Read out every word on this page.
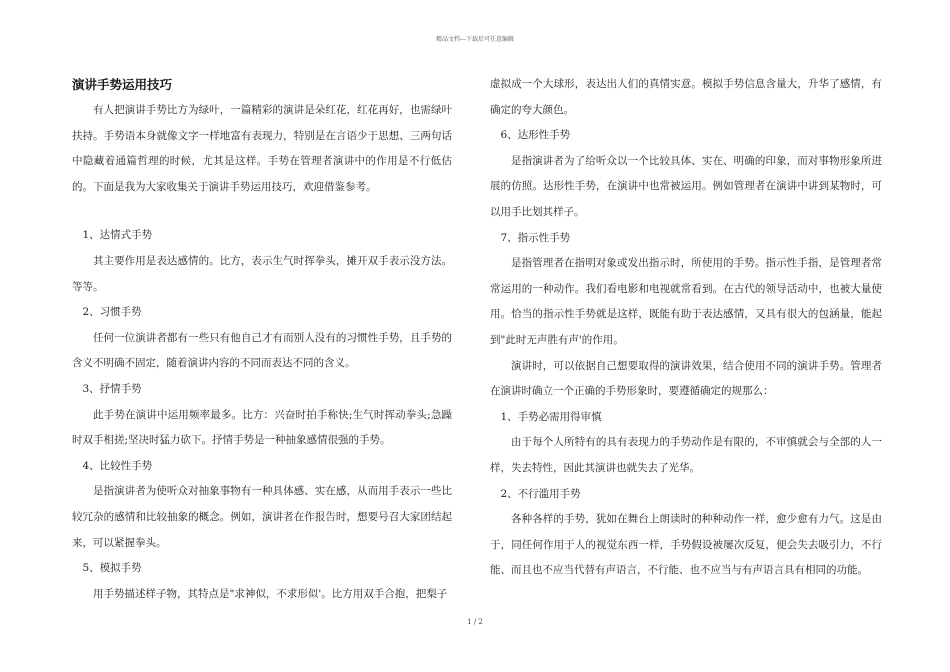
精品文档---下载后可任意编辑
演讲手势运用技巧

有人把演讲手势比方为绿叶，一篇精彩的演讲是朵红花，红花再好，也需绿叶扶持。手势语本身就像文字一样地富有表现力，特别是在言语少于思想、三两句话中隐藏着通篇哲理的时候，尤其是这样。手势在管理者演讲中的作用是不行低估的。下面是我为大家收集关于演讲手势运用技巧，欢迎借鉴参考。

1、达情式手势

其主要作用是表达感情的。比方，表示生气时挥拳头，摊开双手表示没方法。等等。

2、习惯手势

任何一位演讲者都有一些只有他自己才有而别人没有的习惯性手势，且手势的含义不明确不固定，随着演讲内容的不同而表达不同的含义。

3、抒情手势

此手势在演讲中运用频率最多。比方：兴奋时拍手称快;生气时挥动拳头;急躁时双手相搓;坚决时猛力砍下。抒情手势是一种抽象感情很强的手势。

4、比较性手势

是指演讲者为使听众对抽象事物有一种具体感、实在感，从而用手表示一些比较冗杂的感情和比较抽象的概念。例如，演讲者在作报告时，想要号召大家团结起来，可以紧握拳头。

5、模拟手势

用手势描述样子物，其特点是"求神似，不求形似'。比方用双手合抱，把梨子

虚拟成一个大球形，表达出人们的真情实意。模拟手势信息含量大，升华了感情，有确定的夸大颜色。

6、达形性手势

是指演讲者为了给听众以一个比较具体、实在、明确的印象，而对事物形象所进展的仿照。达形性手势，在演讲中也常被运用。例如管理者在演讲中讲到某物时，可以用手比划其样子。

7、指示性手势

是指管理者在指明对象或发出指示时，所使用的手势。指示性手指，是管理者常常运用的一种动作。我们看电影和电视就常看到。在古代的领导活动中，也被大量使用。恰当的指示性手势就是这样，既能有助于表达感情，又具有很大的包涵量，能起到"此时无声胜有声'的作用。

演讲时，可以依据自己想要取得的演讲效果，结合使用不同的演讲手势。管理者在演讲时确立一个正确的手势形象时，要遵循确定的规那么：

1、手势必需用得审慎

由于每个人所特有的具有表现力的手势动作是有限的，不审慎就会与全部的人一样，失去特性，因此其演讲也就失去了光华。

2、不行滥用手势

各种各样的手势，犹如在舞台上朗读时的种种动作一样，愈少愈有力气。这是由于，同任何作用于人的视觉东西一样，手势假设被屡次反复，便会失去吸引力，不行能、而且也不应当代替有声语言，不行能、也不应当与有声语言具有相同的功能。

1 / 2
